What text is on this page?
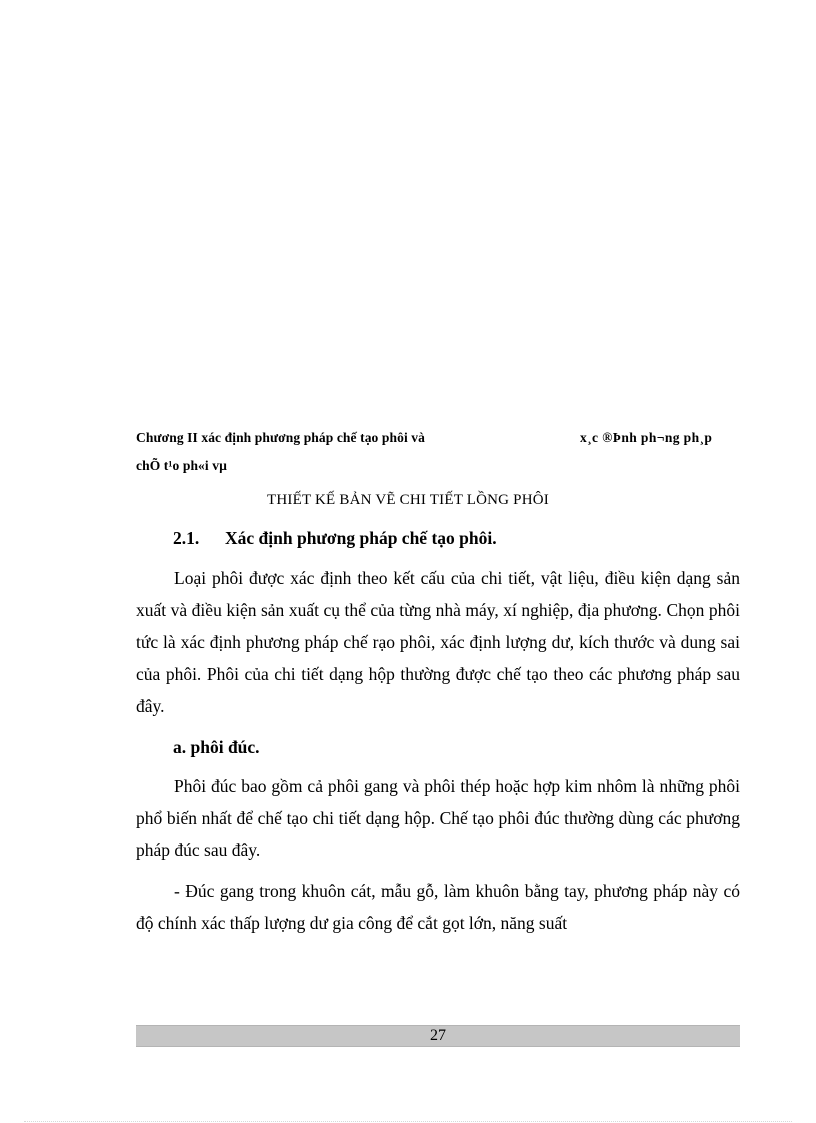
Chương II xác định phương pháp chế tạo phôi và	x¸c ®Þnh ph¬ng ph¸p
chÕ t¹o ph«i vµ
THIẾT KẾ BẢN VẼ CHI TIẾT LỒNG PHÔI
2.1. Xác định phương pháp chế tạo phôi.
Loại phôi được xác định theo kết cấu của chi tiết, vật liệu, điều kiện dạng sản xuất và điều kiện sản xuất cụ thể của từng nhà máy, xí nghiệp, địa phương. Chọn phôi tức là xác định phương pháp chế rạo phôi, xác định lượng dư, kích thước và dung sai của phôi. Phôi của chi tiết dạng hộp thường được chế tạo theo các phương pháp sau đây.
a. phôi đúc.
Phôi đúc bao gồm cả phôi gang và phôi thép hoặc hợp kim nhôm là những phôi phổ biến nhất để chế tạo chi tiết dạng hộp. Chế tạo phôi đúc thường dùng các phương pháp đúc sau đây.
- Đúc gang trong khuôn cát, mẫu gỗ, làm khuôn bằng tay, phương pháp này có độ chính xác thấp lượng dư gia công để cắt gọt lớn, năng suất
27
